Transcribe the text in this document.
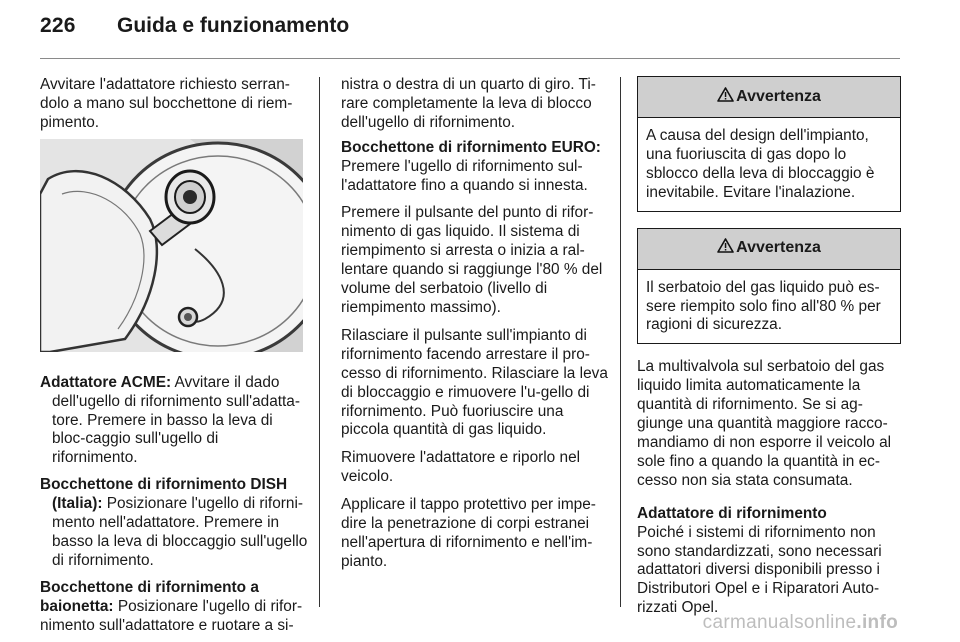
226 Guida e funzionamento

Avvitare l'adattatore richiesto serran-dolo a mano sul bocchettone di riem-pimento.

Adattatore ACME: Avvitare il dado dell'ugello di rifornimento sull'adatta-tore. Premere in basso la leva di bloc-caggio sull'ugello di rifornimento.

Bocchettone di rifornimento DISH (Italia): Posizionare l'ugello di riforni-mento nell'adattatore. Premere in basso la leva di bloccaggio sull'ugello di rifornimento.

Bocchettone di rifornimento a baionetta: Posizionare l'ugello di rifor-nimento sull'adattatore e ruotare a si-

nistra o destra di un quarto di giro. Ti-rare completamente la leva di blocco dell'ugello di rifornimento.

Bocchettone di rifornimento EURO: Premere l'ugello di rifornimento sul-l'adattatore fino a quando si innesta.

Premere il pulsante del punto di rifor-nimento di gas liquido. Il sistema di riempimento si arresta o inizia a ral-lentare quando si raggiunge l'80 % del volume del serbatoio (livello di riempimento massimo).

Rilasciare il pulsante sull'impianto di rifornimento facendo arrestare il pro-cesso di rifornimento. Rilasciare la leva di bloccaggio e rimuovere l'u-gello di rifornimento. Può fuoriuscire una piccola quantità di gas liquido.

Rimuovere l'adattatore e riporlo nel veicolo.

Applicare il tappo protettivo per impe-dire la penetrazione di corpi estranei nell'apertura di rifornimento e nell'im-pianto.

Avvertenza
A causa del design dell'impianto, una fuoriuscita di gas dopo lo sblocco della leva di bloccaggio è inevitabile. Evitare l'inalazione.
Avvertenza
Il serbatoio del gas liquido può es-sere riempito solo fino all'80 % per ragioni di sicurezza.

La multivalvola sul serbatoio del gas liquido limita automaticamente la quantità di rifornimento. Se si ag-giunge una quantità maggiore racco-mandiamo di non esporre il veicolo al sole fino a quando la quantità in ec-cesso non sia stata consumata.

Adattatore di rifornimento

Poiché i sistemi di rifornimento non sono standardizzati, sono necessari adattatori diversi disponibili presso i Distributori Opel e i Riparatori Auto-rizzati Opel.

carmanualsonline.info
